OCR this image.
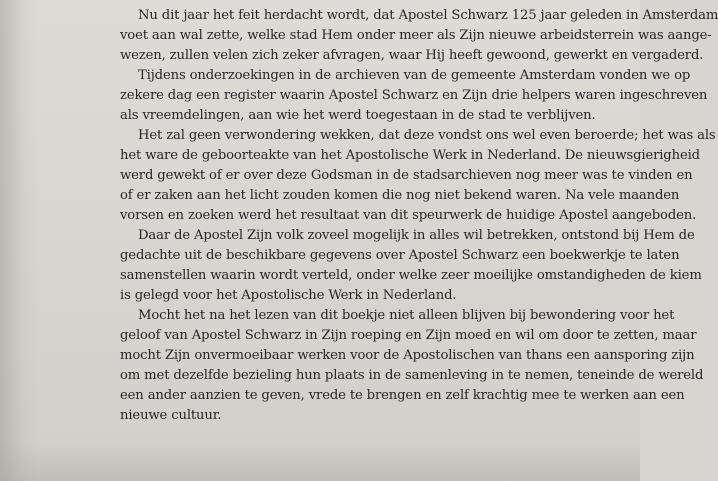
Nu dit jaar het feit herdacht wordt, dat Apostel Schwarz 125 jaar geleden in Amsterdam
voet aan wal zette, welke stad Hem onder meer als Zijn nieuwe arbeidsterrein was aange-
wezen, zullen velen zich zeker afvragen, waar Hij heeft gewoond, gewerkt en vergaderd.

Tijdens onderzoekingen in de archieven van de gemeente Amsterdam vonden we op
zekere dag een register waarin Apostel Schwarz en Zijn drie helpers waren ingeschreven
als vreemdelingen, aan wie het werd toegestaan in de stad te verblijven.

Het zal geen verwondering wekken, dat deze vondst ons wel even beroerde; het was als
het ware de geboorteakte van het Apostolische Werk in Nederland. De nieuwsgierigheid
werd gewekt of er over deze Godsman in de stadsarchieven nog meer was te vinden en
of er zaken aan het licht zouden komen die nog niet bekend waren. Na vele maanden
vorsen en zoeken werd het resultaat van dit speurwerk de huidige Apostel aangeboden.

Daar de Apostel Zijn volk zoveel mogelijk in alles wil betrekken, ontstond bij Hem de
gedachte uit de beschikbare gegevens over Apostel Schwarz een boekwerkje te laten
samenstellen waarin wordt verteld, onder welke zeer moeilijke omstandigheden de kiem
is gelegd voor het Apostolische Werk in Nederland.

Mocht het na het lezen van dit boekje niet alleen blijven bij bewondering voor het
geloof van Apostel Schwarz in Zijn roeping en Zijn moed en wil om door te zetten, maar
mocht Zijn onvermoeibaar werken voor de Apostolischen van thans een aansporing zijn
om met dezelfde bezieling hun plaats in de samenleving in te nemen, teneinde de wereld
een ander aanzien te geven, vrede te brengen en zelf krachtig mee te werken aan een
nieuwe cultuur.
